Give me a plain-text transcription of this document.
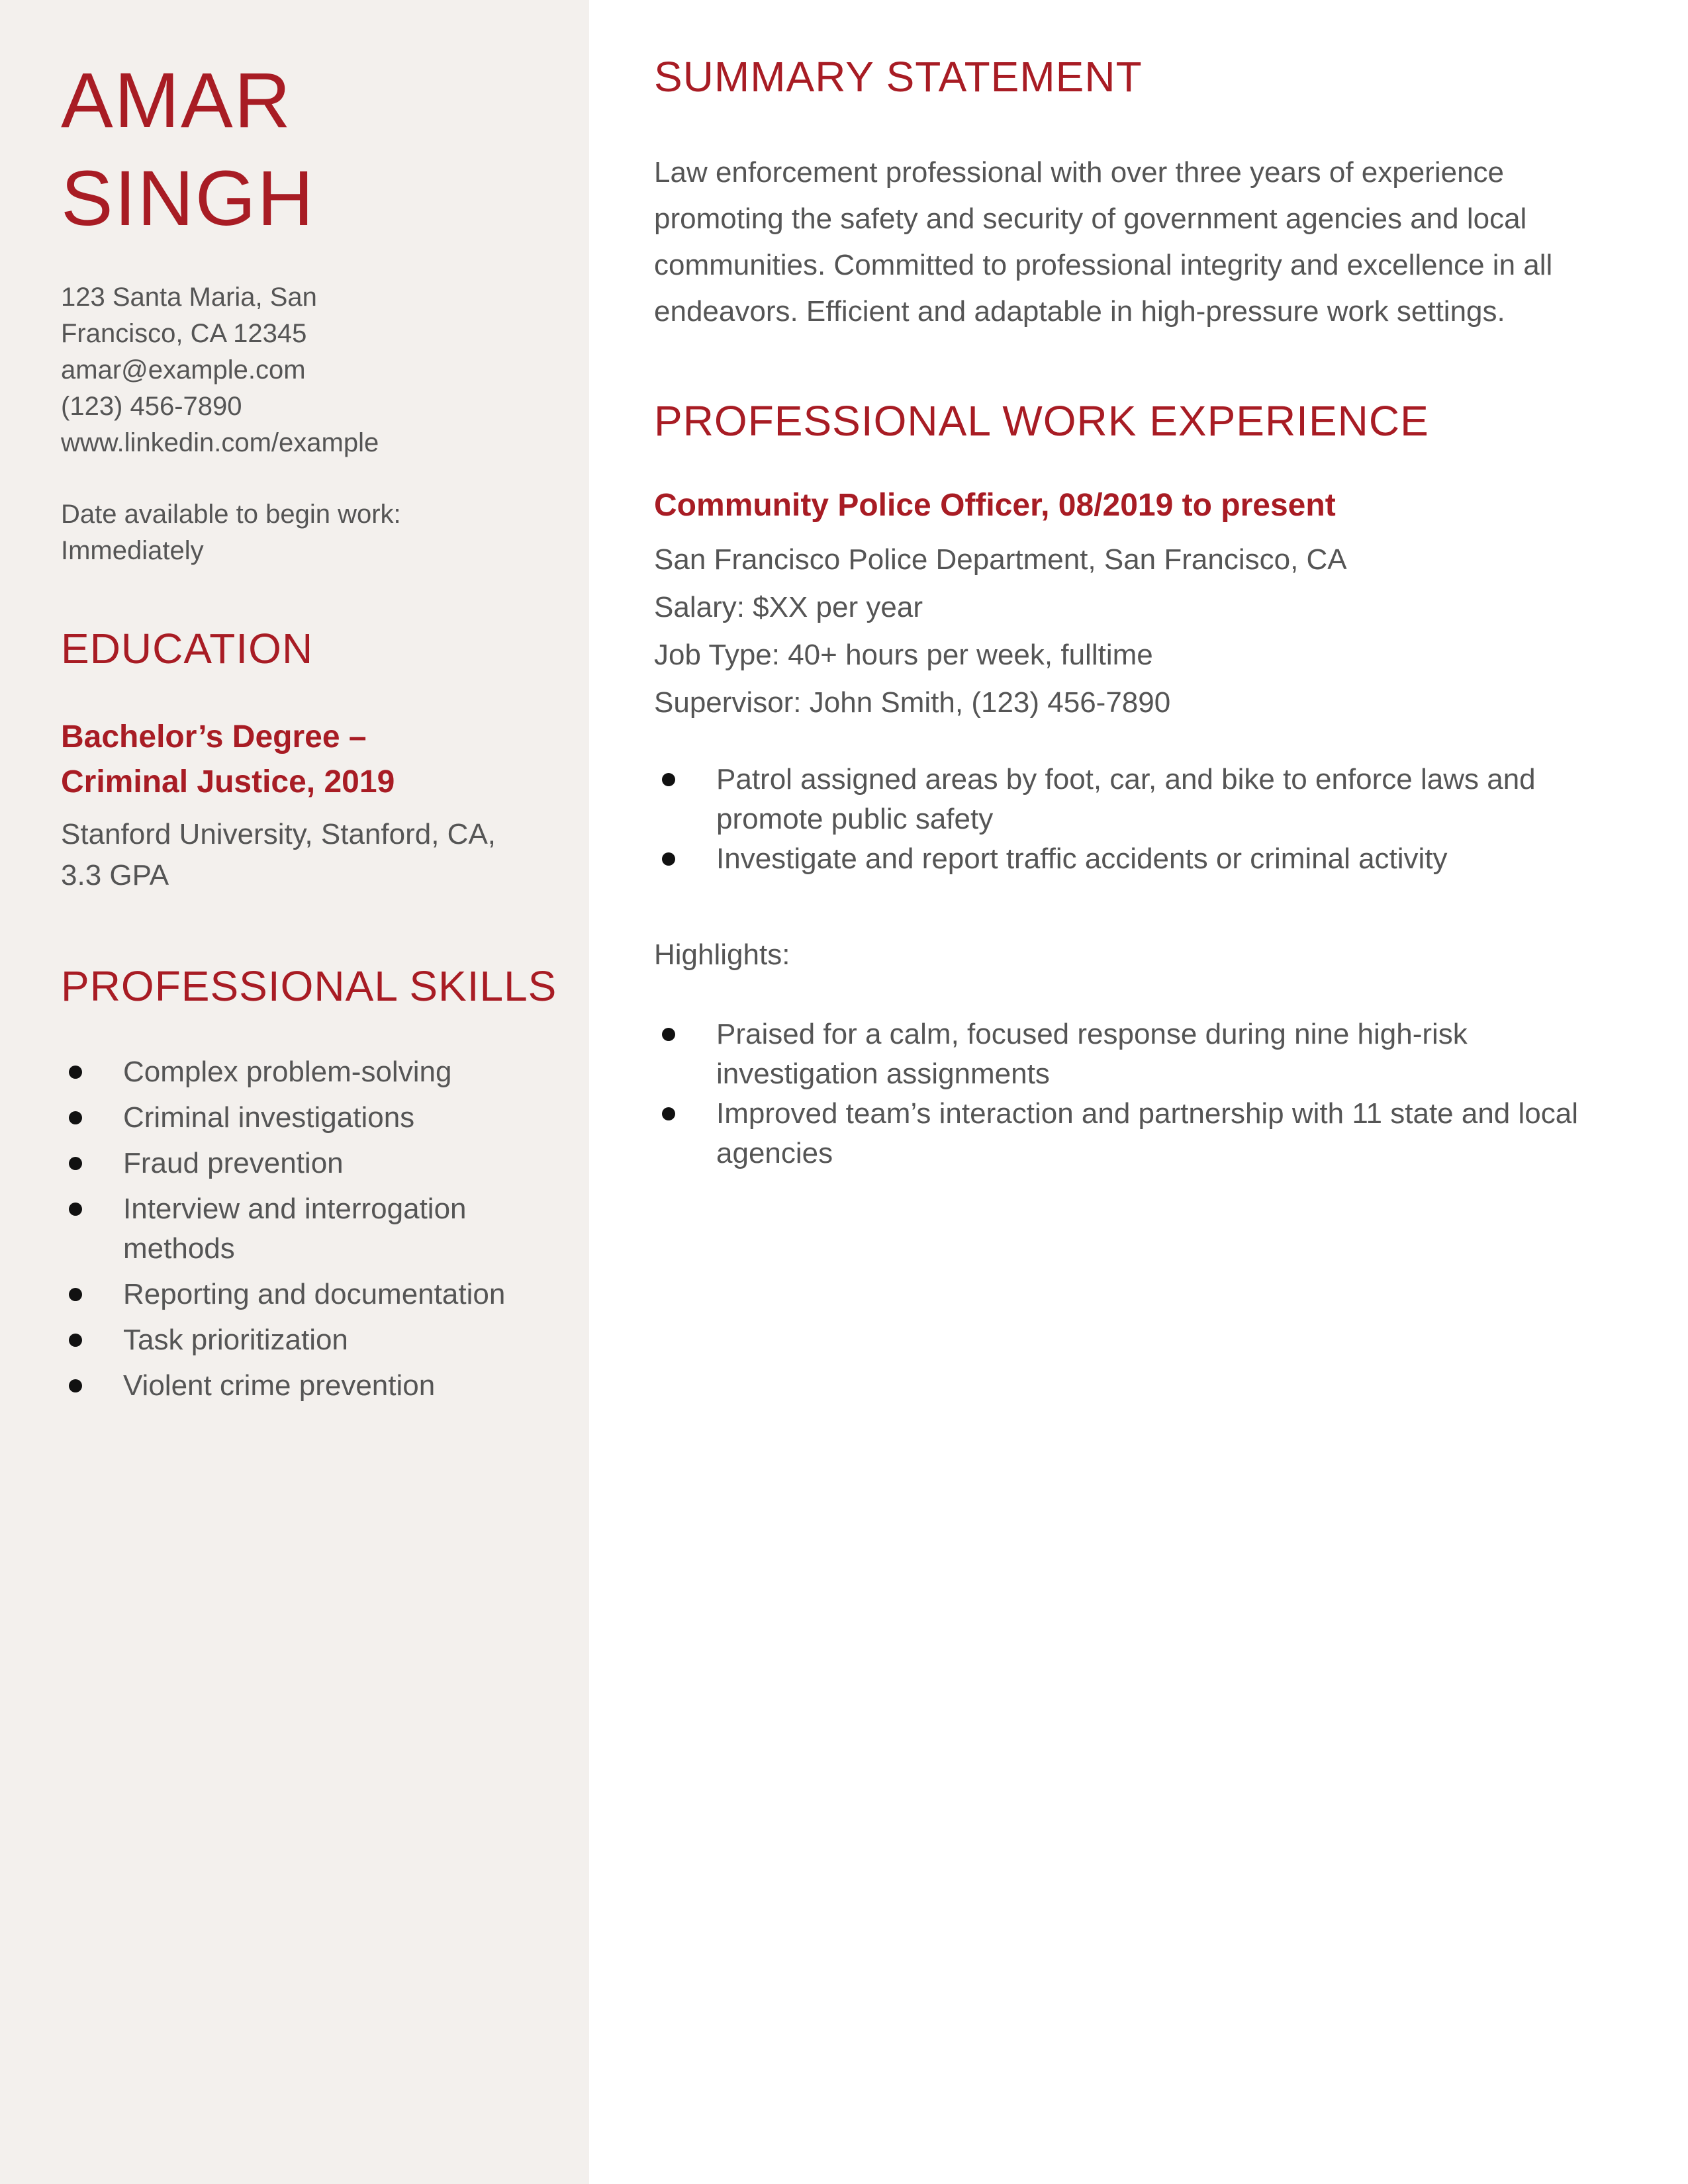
AMAR
SINGH
123 Santa Maria, San
Francisco, CA 12345
amar@example.com
(123) 456-7890
www.linkedin.com/example
Date available to begin work:
Immediately
EDUCATION
Bachelor’s Degree –
Criminal Justice, 2019
Stanford University, Stanford, CA, 3.3 GPA
PROFESSIONAL SKILLS
Complex problem-solving
Criminal investigations
Fraud prevention
Interview and interrogation methods
Reporting and documentation
Task prioritization
Violent crime prevention
SUMMARY STATEMENT
Law enforcement professional with over three years of experience promoting the safety and security of government agencies and local communities. Committed to professional integrity and excellence in all endeavors. Efficient and adaptable in high-pressure work settings.
PROFESSIONAL WORK EXPERIENCE
Community Police Officer, 08/2019 to present
San Francisco Police Department, San Francisco, CA
Salary: $XX per year
Job Type: 40+ hours per week, fulltime
Supervisor: John Smith, (123) 456-7890
Patrol assigned areas by foot, car, and bike to enforce laws and promote public safety
Investigate and report traffic accidents or criminal activity
Highlights:
Praised for a calm, focused response during nine high-risk investigation assignments
Improved team’s interaction and partnership with 11 state and local agencies
